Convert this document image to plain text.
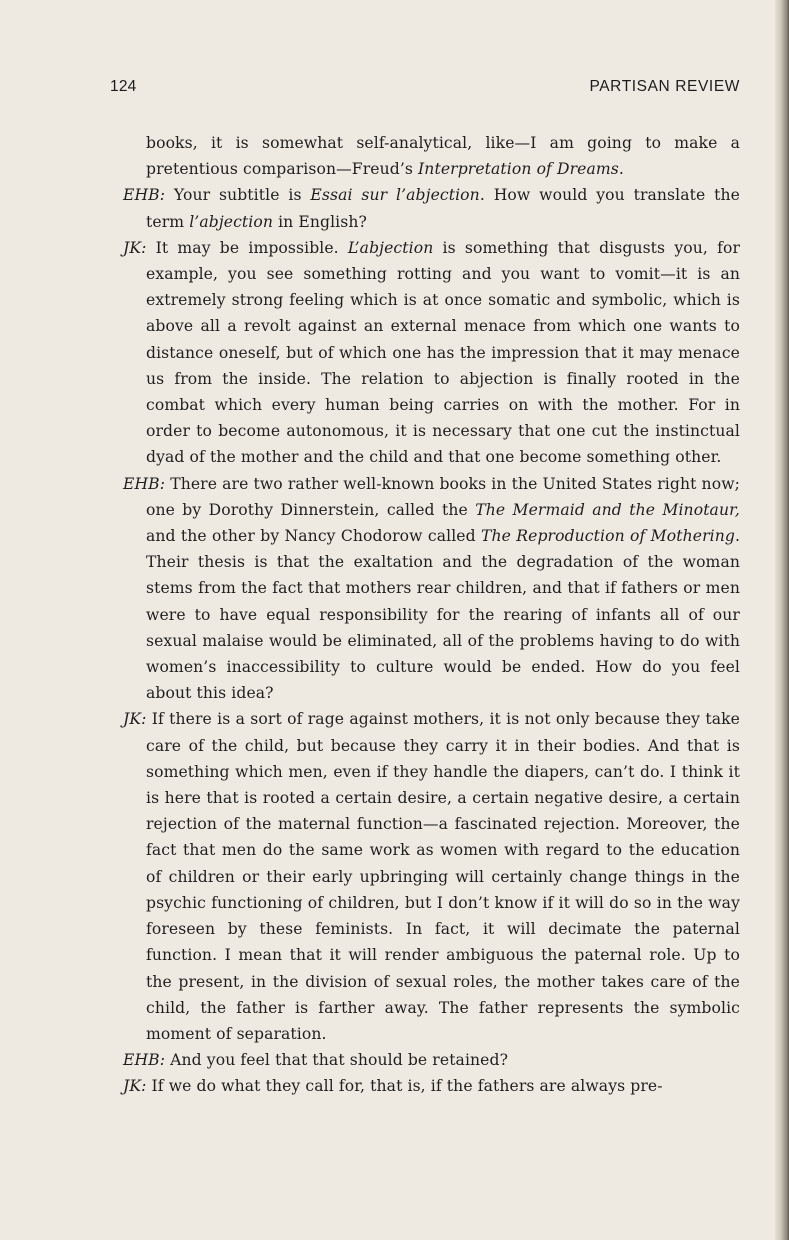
124	PARTISAN REVIEW

books, it is somewhat self-analytical, like—I am going to make a pretentious comparison—Freud’s Interpretation of Dreams.

EHB: Your subtitle is Essai sur l’abjection. How would you translate the term l’abjection in English?

JK: It may be impossible. L’abjection is something that disgusts you, for example, you see something rotting and you want to vomit—it is an extremely strong feeling which is at once somatic and symbolic, which is above all a revolt against an external menace from which one wants to distance oneself, but of which one has the impression that it may menace us from the inside. The relation to abjection is finally rooted in the combat which every human being carries on with the mother. For in order to become autonomous, it is necessary that one cut the instinctual dyad of the mother and the child and that one become something other.

EHB: There are two rather well-known books in the United States right now; one by Dorothy Dinnerstein, called the The Mermaid and the Minotaur, and the other by Nancy Chodorow called The Reproduction of Mothering. Their thesis is that the exaltation and the degradation of the woman stems from the fact that mothers rear children, and that if fathers or men were to have equal responsibility for the rearing of infants all of our sexual malaise would be eliminated, all of the problems having to do with women’s inaccessibility to culture would be ended. How do you feel about this idea?

JK: If there is a sort of rage against mothers, it is not only because they take care of the child, but because they carry it in their bodies. And that is something which men, even if they handle the diapers, can’t do. I think it is here that is rooted a certain desire, a certain negative desire, a certain rejection of the maternal function—a fascinated rejection. Moreover, the fact that men do the same work as women with regard to the education of children or their early upbringing will certainly change things in the psychic functioning of children, but I don’t know if it will do so in the way foreseen by these feminists. In fact, it will decimate the paternal function. I mean that it will render ambiguous the paternal role. Up to the present, in the division of sexual roles, the mother takes care of the child, the father is farther away. The father represents the symbolic moment of separation.

EHB: And you feel that that should be retained?

JK: If we do what they call for, that is, if the fathers are always pre-
